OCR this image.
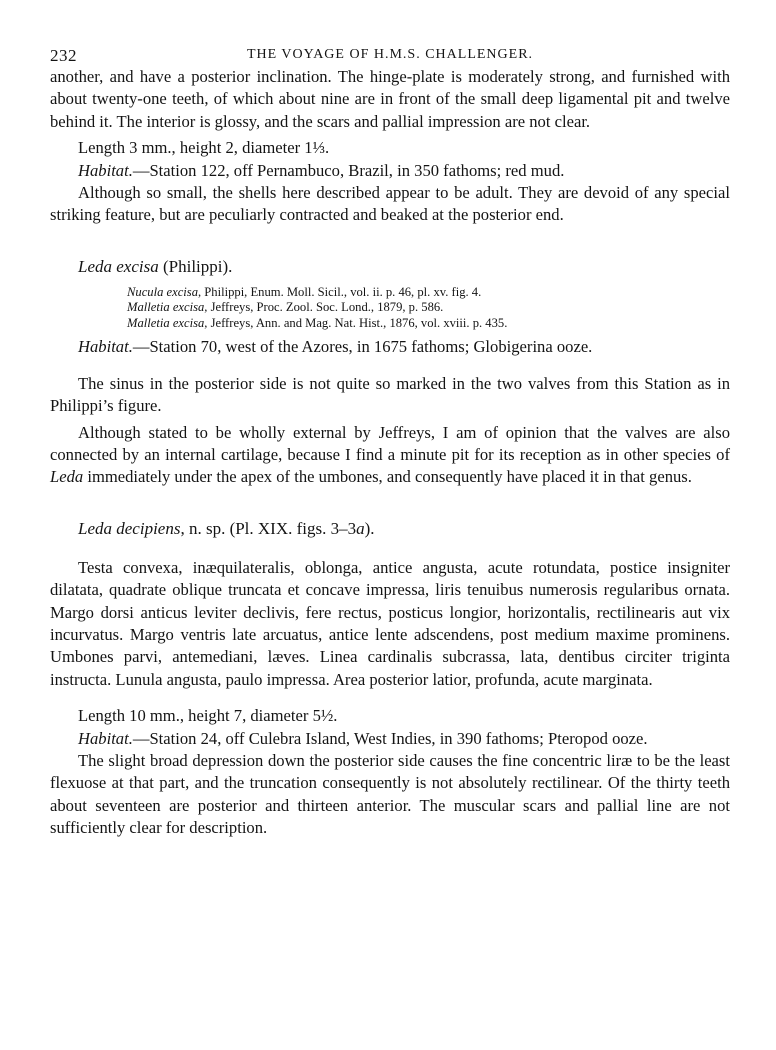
232	THE VOYAGE OF H.M.S. CHALLENGER.

another, and have a posterior inclination. The hinge-plate is moderately strong, and furnished with about twenty-one teeth, of which about nine are in front of the small deep ligamental pit and twelve behind it. The interior is glossy, and the scars and pallial impression are not clear.

Length 3 mm., height 2, diameter 1⅓.

Habitat.—Station 122, off Pernambuco, Brazil, in 350 fathoms; red mud.

Although so small, the shells here described appear to be adult. They are devoid of any special striking feature, but are peculiarly contracted and beaked at the posterior end.

Leda excisa (Philippi).
Nucula excisa, Philippi, Enum. Moll. Sicil., vol. ii. p. 46, pl. xv. fig. 4.
Malletia excisa, Jeffreys, Proc. Zool. Soc. Lond., 1879, p. 586.
Malletia excisa, Jeffreys, Ann. and Mag. Nat. Hist., 1876, vol. xviii. p. 435.

Habitat.—Station 70, west of the Azores, in 1675 fathoms; Globigerina ooze.

The sinus in the posterior side is not quite so marked in the two valves from this Station as in Philippi’s figure.

Although stated to be wholly external by Jeffreys, I am of opinion that the valves are also connected by an internal cartilage, because I find a minute pit for its reception as in other species of Leda immediately under the apex of the umbones, and consequently have placed it in that genus.

Leda decipiens, n. sp. (Pl. XIX. figs. 3–3a).

Testa convexa, inæquilateralis, oblonga, antice angusta, acute rotundata, postice insigniter dilatata, quadrate oblique truncata et concave impressa, liris tenuibus numerosis regularibus ornata. Margo dorsi anticus leviter declivis, fere rectus, posticus longior, horizontalis, rectilinearis aut vix incurvatus. Margo ventris late arcuatus, antice lente adscendens, post medium maxime prominens. Umbones parvi, antemediani, læves. Linea cardinalis subcrassa, lata, dentibus circiter triginta instructa. Lunula angusta, paulo impressa. Area posterior latior, profunda, acute marginata.

Length 10 mm., height 7, diameter 5½.

Habitat.—Station 24, off Culebra Island, West Indies, in 390 fathoms; Pteropod ooze.

The slight broad depression down the posterior side causes the fine concentric liræ to be the least flexuose at that part, and the truncation consequently is not absolutely rectilinear. Of the thirty teeth about seventeen are posterior and thirteen anterior. The muscular scars and pallial line are not sufficiently clear for description.
